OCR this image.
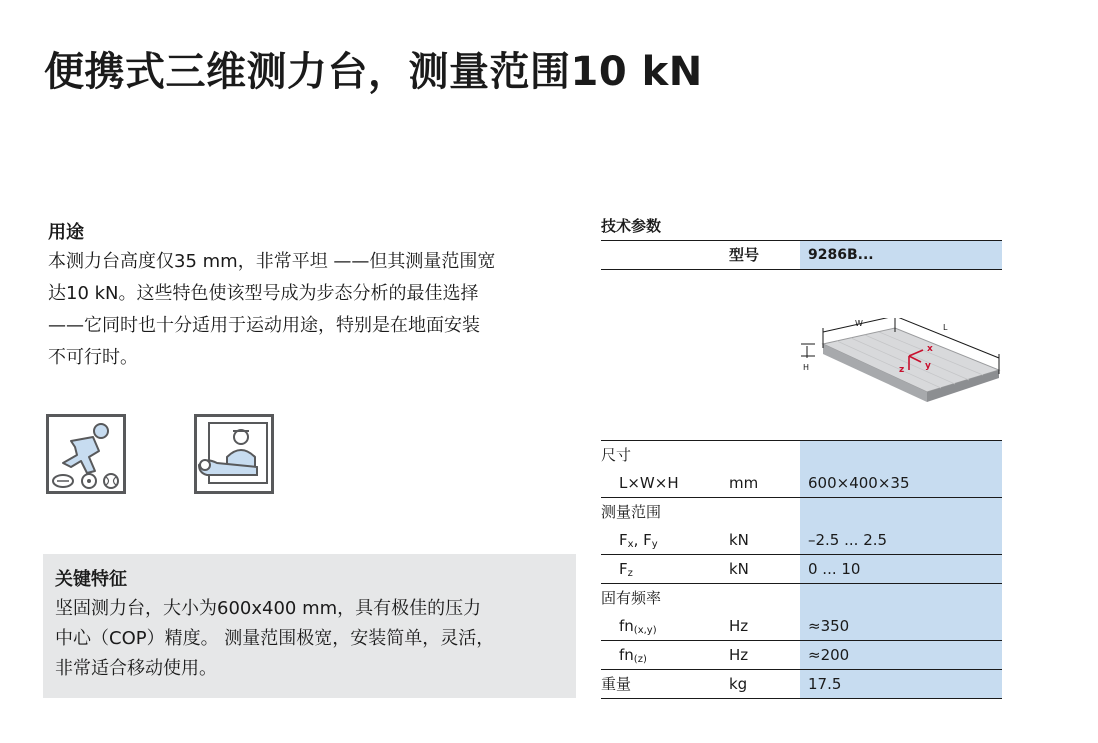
便携式三维测力台，测量范围10 kN
用途

本测力台高度仅35 mm，非常平坦 ——但其测量范围宽

达10 kN。这些特色使该型号成为步态分析的最佳选择

——它同时也十分适用于运动用途，特别是在地面安装

不可行时。

关键特征

坚固测力台，大小为600x400 mm，具有极佳的压力

中心（COP）精度。 测量范围极宽，安装简单，灵活，

非常适合移动使用。

技术参数
型号	9286B...
W	L
H
x
y
z
尺寸
L×W×H	mm	600×400×35
测量范围
$F_x$, $F_y$	kN	–2.5 ... 2.5
$F_z$	kN	0 ... 10
固有频率
$fn_{(x,y)}$	Hz	≈350
$fn_{(z)}$	Hz	≈200
重量	kg	17.5
